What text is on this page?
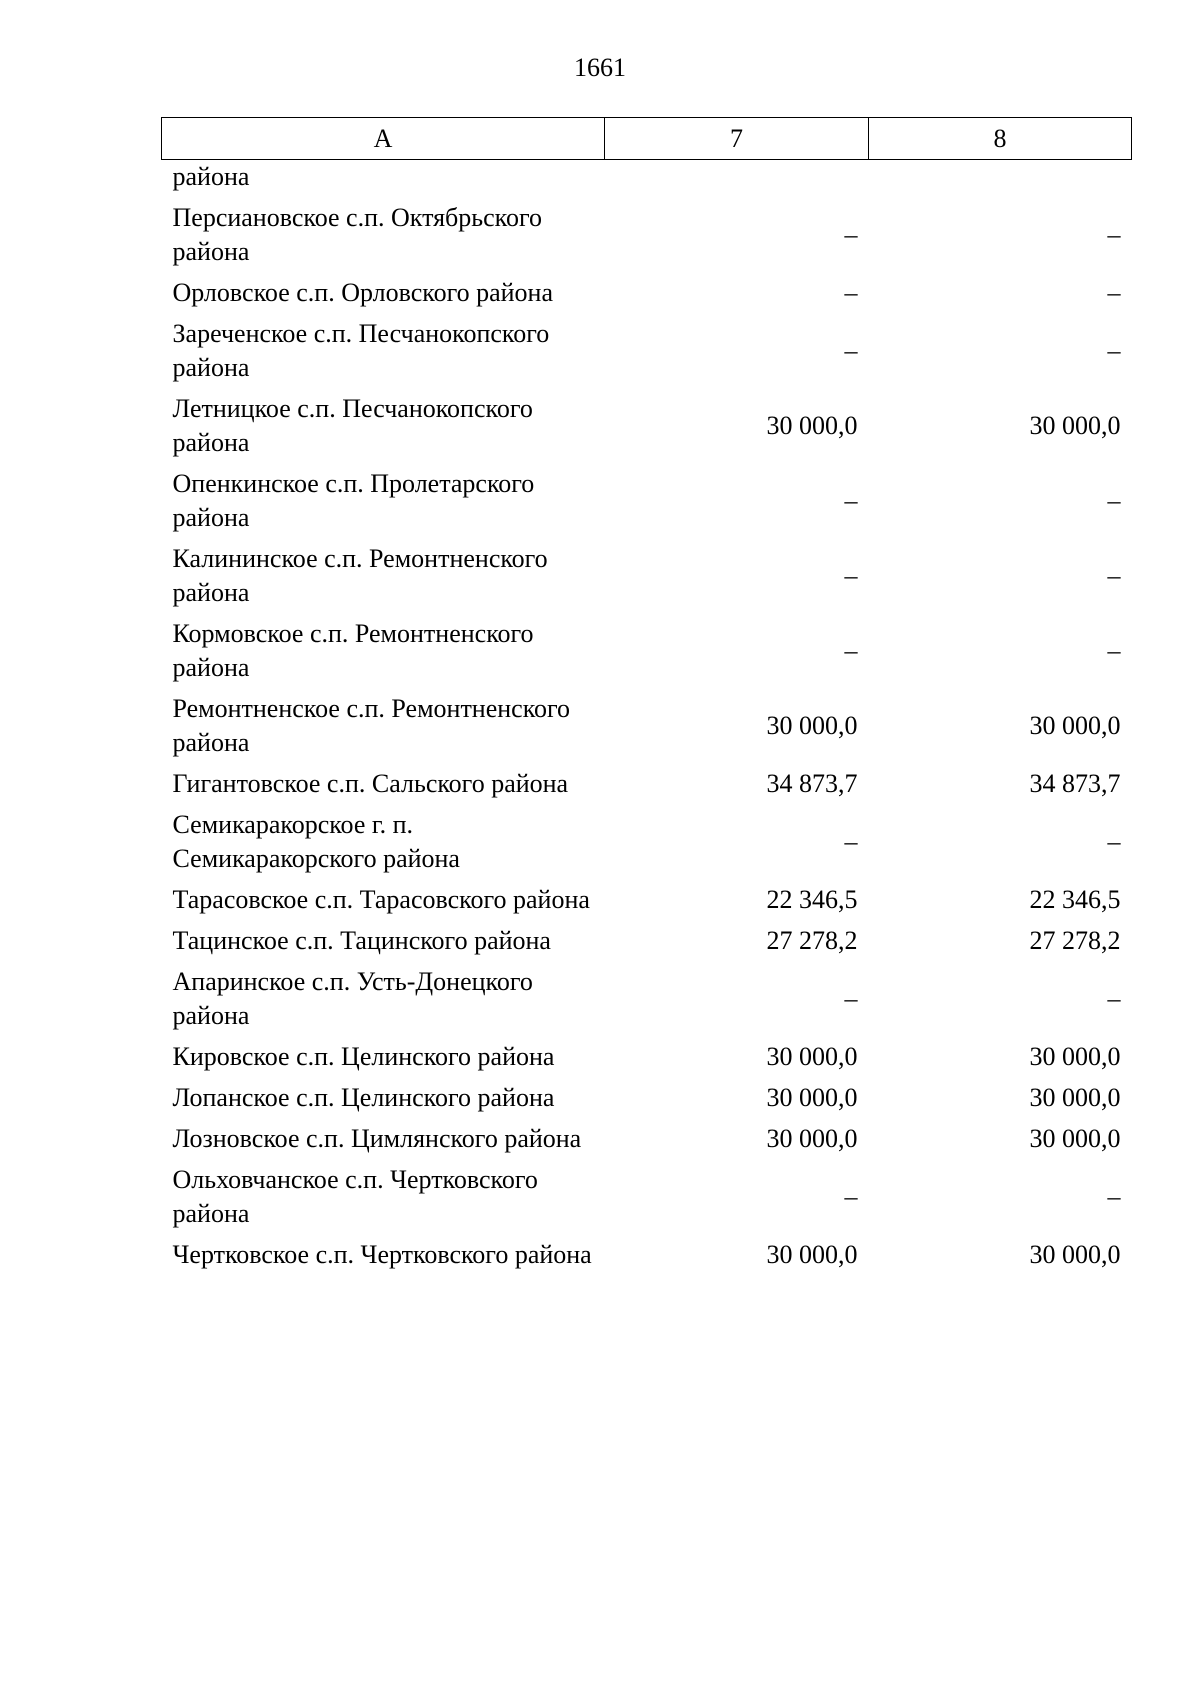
1661
А	7	8
района		
Персиановское с.п. Октябрьского района	–	–
Орловское с.п. Орловского района	–	–
Зареченское с.п. Песчанокопского района	–	–
Летницкое с.п. Песчанокопского района	30 000,0	30 000,0
Опенкинское с.п. Пролетарского района	–	–
Калининское с.п. Ремонтненского района	–	–
Кормовское с.п. Ремонтненского района	–	–
Ремонтненское с.п. Ремонтненского района	30 000,0	30 000,0
Гигантовское с.п. Сальского района	34 873,7	34 873,7
Семикаракорское г. п. Семикаракорского района	–	–
Тарасовское с.п. Тарасовского района	22 346,5	22 346,5
Тацинское с.п. Тацинского района	27 278,2	27 278,2
Апаринское с.п. Усть-Донецкого района	–	–
Кировское с.п. Целинского района	30 000,0	30 000,0
Лопанское с.п. Целинского района	30 000,0	30 000,0
Лозновское с.п. Цимлянского района	30 000,0	30 000,0
Ольховчанское с.п. Чертковского района	–	–
Чертковское с.п. Чертковского района	30 000,0	30 000,0
